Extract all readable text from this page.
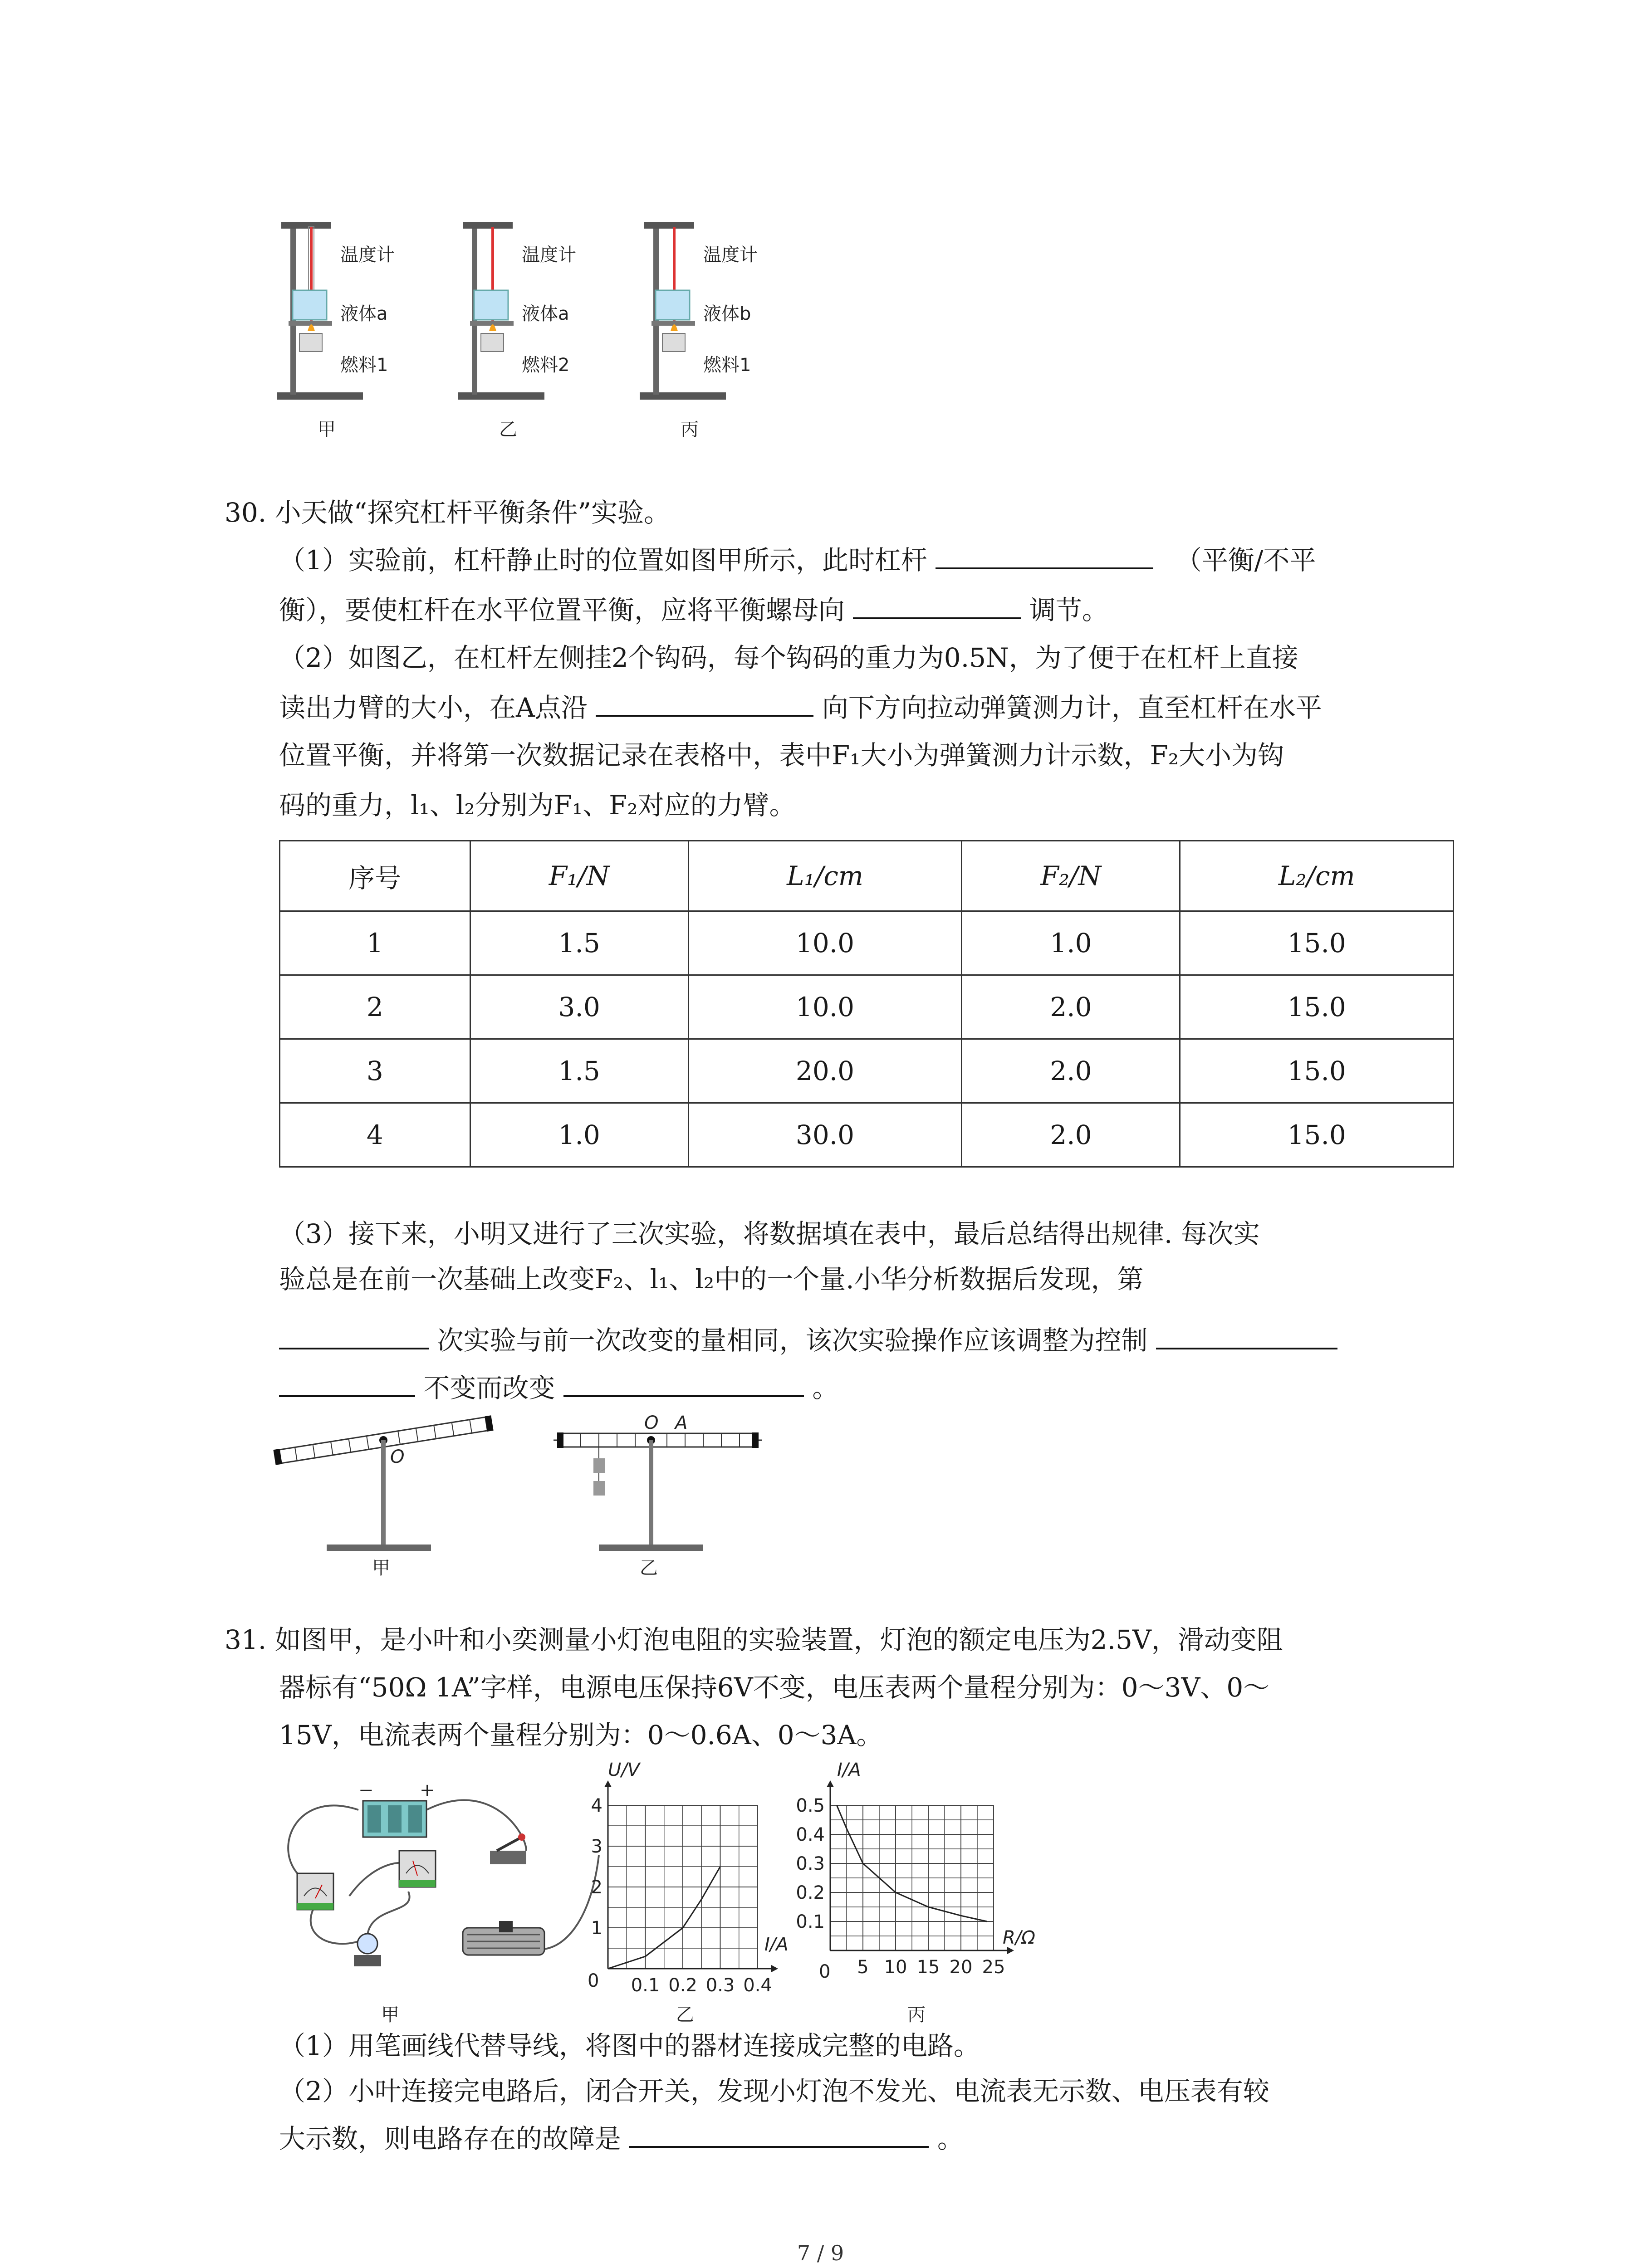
温度计
液体a
燃料1
甲
温度计
液体a
燃料2
乙
温度计
液体b
燃料1
丙
30. 小天做“探究杠杆平衡条件”实验。
（1）实验前，杠杆静止时的位置如图甲所示，此时杠杆	（平衡/不平
衡），要使杠杆在水平位置平衡，应将平衡螺母向	调节。
（2）如图乙，在杠杆左侧挂2个钩码，每个钩码的重力为0.5N，为了便于在杠杆上直接
读出力臂的大小，在A点沿	向下方向拉动弹簧测力计，直至杠杆在水平
位置平衡，并将第一次数据记录在表格中，表中F₁大小为弹簧测力计示数，F₂大小为钩
码的重力，l₁、l₂分别为F₁、F₂对应的力臂。
序号	F₁/N	L₁/cm	F₂/N	L₂/cm
1	1.5	10.0	1.0	15.0
2	3.0	10.0	2.0	15.0
3	1.5	20.0	2.0	15.0
4	1.0	30.0	2.0	15.0
（3）接下来，小明又进行了三次实验，将数据填在表中，最后总结得出规律. 每次实
验总是在前一次基础上改变F₂、l₁、l₂中的一个量.小华分析数据后发现，第
次实验与前一次改变的量相同，该次实验操作应该调整为控制
不变而改变	。
O
甲
O A
乙
31. 如图甲，是小叶和小奕测量小灯泡电阻的实验装置，灯泡的额定电压为2.5V，滑动变阻
器标有“50Ω 1A”字样，电源电压保持6V不变，电压表两个量程分别为：0～3V、0～
15V，电流表两个量程分别为：0～0.6A、0～3A。
−	+
甲
0.1 0.2 0.3 0.4
1
2
3
4
U/V
I/A
0
乙
5 10 15 20 25
0.1
0.2
0.3
0.4
0.5
I/A
R/Ω
0
丙
（1）用笔画线代替导线，将图中的器材连接成完整的电路。
（2）小叶连接完电路后，闭合开关，发现小灯泡不发光、电流表无示数、电压表有较
大示数，则电路存在的故障是	。
7 / 9
